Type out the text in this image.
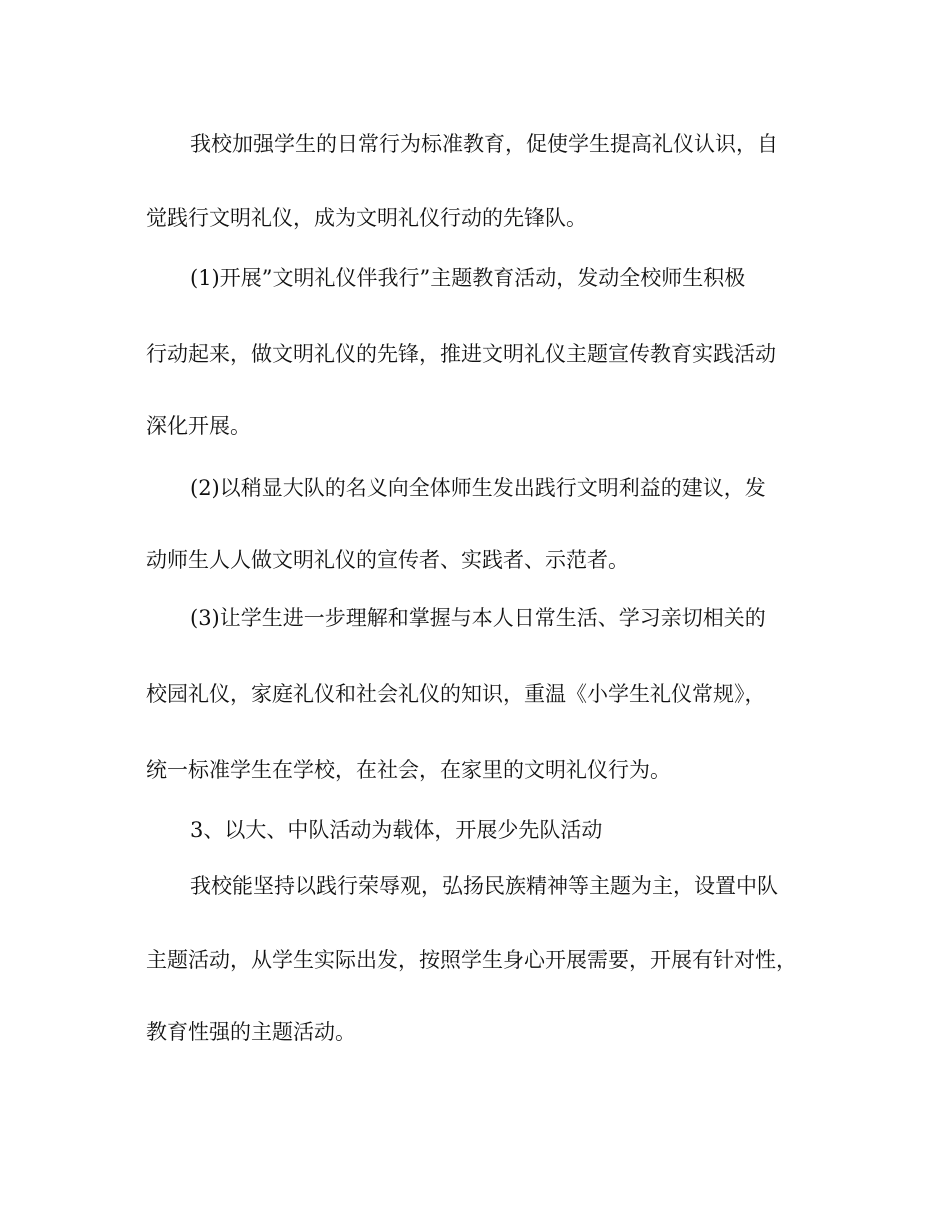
我校加强学生的日常行为标准教育，促使学生提高礼仪认识，自
觉践行文明礼仪，成为文明礼仪行动的先锋队。
(1)开展”文明礼仪伴我行”主题教育活动，发动全校师生积极
行动起来，做文明礼仪的先锋，推进文明礼仪主题宣传教育实践活动
深化开展。
(2)以稍显大队的名义向全体师生发出践行文明利益的建议，发
动师生人人做文明礼仪的宣传者、实践者、示范者。
(3)让学生进一步理解和掌握与本人日常生活、学习亲切相关的
校园礼仪，家庭礼仪和社会礼仪的知识，重温《小学生礼仪常规》，
统一标准学生在学校，在社会，在家里的文明礼仪行为。
3、以大、中队活动为载体，开展少先队活动
我校能坚持以践行荣辱观，弘扬民族精神等主题为主，设置中队
主题活动，从学生实际出发，按照学生身心开展需要，开展有针对性，
教育性强的主题活动。
